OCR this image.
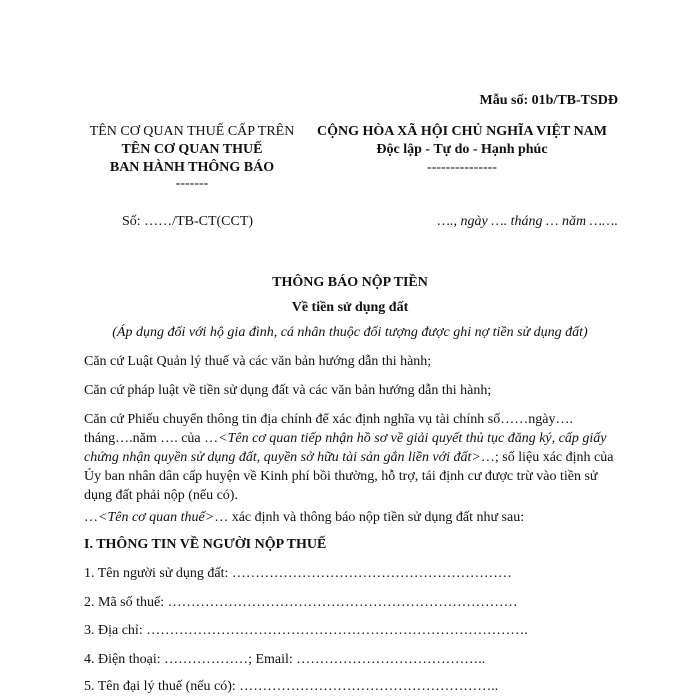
Mẫu số: 01b/TB-TSDĐ
TÊN CƠ QUAN THUẾ CẤP TRÊN
TÊN CƠ QUAN THUẾ
BAN HÀNH THÔNG BÁO
-------
CỘNG HÒA XÃ HỘI CHỦ NGHĨA VIỆT NAM
Độc lập - Tự do - Hạnh phúc
---------------
Số: ……/TB-CT(CCT)	…., ngày …. tháng … năm …….
THÔNG BÁO NỘP TIỀN
Về tiền sử dụng đất
(Áp dụng đối với hộ gia đình, cá nhân thuộc đối tượng được ghi nợ tiền sử dụng đất)
Căn cứ Luật Quản lý thuế và các văn bản hướng dẫn thi hành;
Căn cứ pháp luật về tiền sử dụng đất và các văn bản hướng dẫn thi hành;
Căn cứ Phiếu chuyển thông tin địa chính để xác định nghĩa vụ tài chính số……ngày…. tháng….năm …. của …<Tên cơ quan tiếp nhận hồ sơ về giải quyết thủ tục đăng ký, cấp giấy chứng nhận quyền sử dụng đất, quyền sở hữu tài sản gắn liền với đất>…; số liệu xác định của Ủy ban nhân dân cấp huyện về Kinh phí bồi thường, hỗ trợ, tái định cư được trừ vào tiền sử dụng đất phải nộp (nếu có).
…<Tên cơ quan thuế>… xác định và thông báo nộp tiền sử dụng đất như sau:
I. THÔNG TIN VỀ NGƯỜI NỘP THUẾ
1. Tên người sử dụng đất: ……………………………………………………
2. Mã số thuế: …………………………………………………………………
3. Địa chỉ: ……………………………………………………………………….
4. Điện thoại: ………………; Email: …………………………………..
5. Tên đại lý thuế (nếu có): ………………………………………………..
